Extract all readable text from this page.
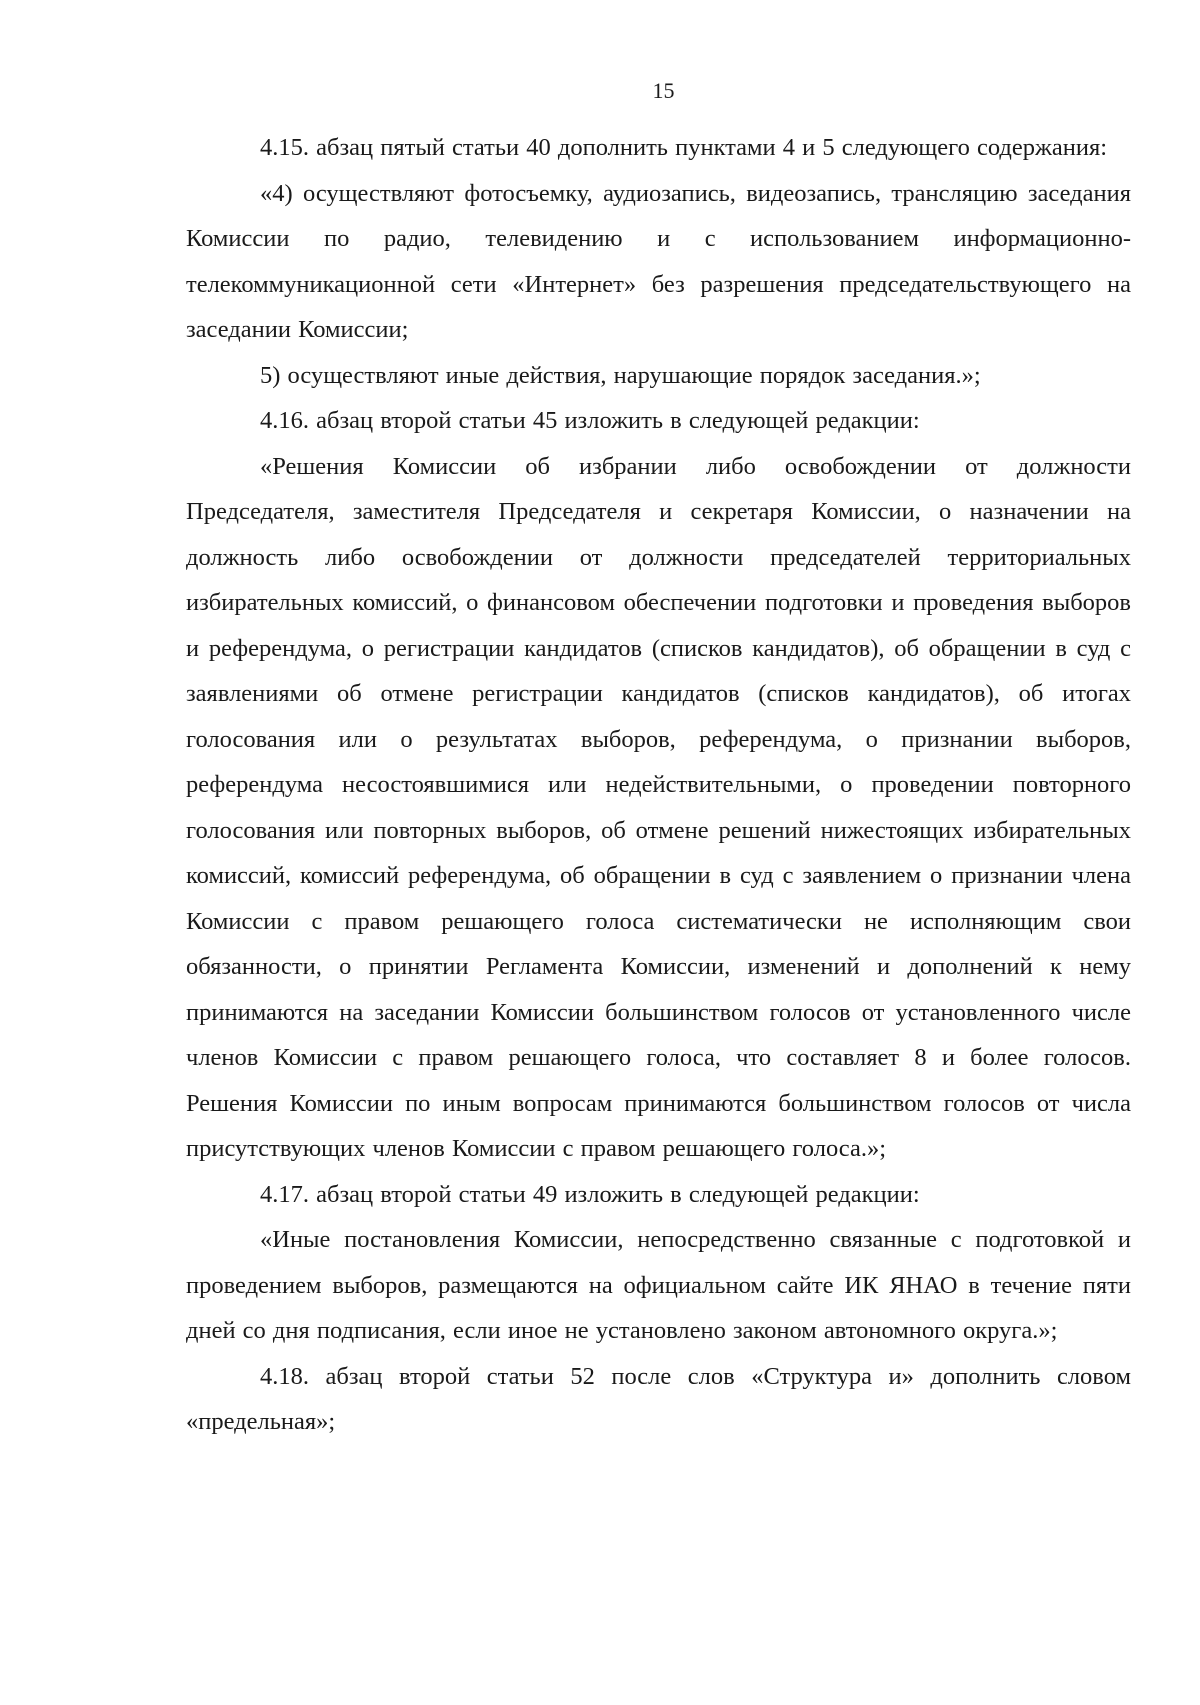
15

4.15. абзац пятый статьи 40 дополнить пунктами 4 и 5 следующего содержания:

«4) осуществляют фотосъемку, аудиозапись, видеозапись, трансляцию заседания Комиссии по радио, телевидению и с использованием информационно-телекоммуникационной сети «Интернет» без разрешения председательствующего на заседании Комиссии;

5) осуществляют иные действия, нарушающие порядок заседания.»;

4.16. абзац второй статьи 45 изложить в следующей редакции:

«Решения Комиссии об избрании либо освобождении от должности Председателя, заместителя Председателя и секретаря Комиссии, о назначении на должность либо освобождении от должности председателей территориальных избирательных комиссий, о финансовом обеспечении подготовки и проведения выборов и референдума, о регистрации кандидатов (списков кандидатов), об обращении в суд с заявлениями об отмене регистрации кандидатов (списков кандидатов), об итогах голосования или о результатах выборов, референдума, о признании выборов, референдума несостоявшимися или недействительными, о проведении повторного голосования или повторных выборов, об отмене решений нижестоящих избирательных комиссий, комиссий референдума, об обращении в суд с заявлением о признании члена Комиссии с правом решающего голоса систематически не исполняющим свои обязанности, о принятии Регламента Комиссии, изменений и дополнений к нему принимаются на заседании Комиссии большинством голосов от установленного числе членов Комиссии с правом решающего голоса, что составляет 8 и более голосов. Решения Комиссии по иным вопросам принимаются большинством голосов от числа присутствующих членов Комиссии с правом решающего голоса.»;

4.17. абзац второй статьи 49 изложить в следующей редакции:

«Иные постановления Комиссии, непосредственно связанные с подготовкой и проведением выборов, размещаются на официальном сайте ИК ЯНАО в течение пяти дней со дня подписания, если иное не установлено законом автономного округа.»;

4.18. абзац второй статьи 52 после слов «Структура и» дополнить словом «предельная»;
